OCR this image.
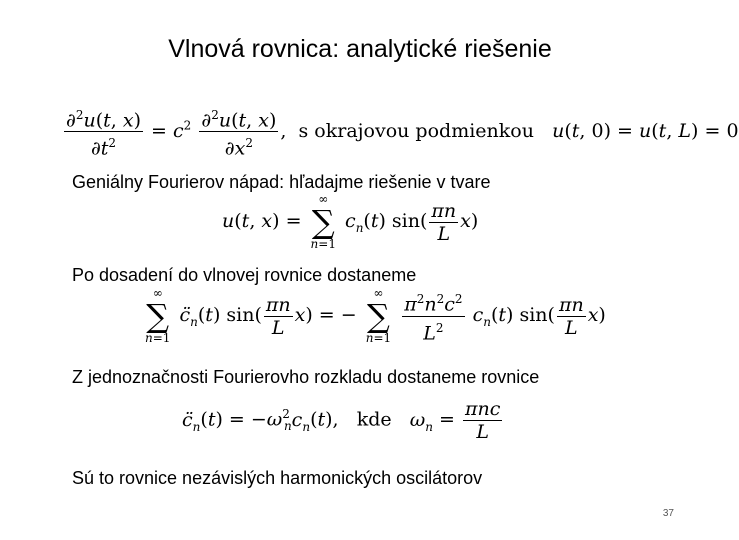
Vlnová rovnica: analytické riešenie
$\frac{\partial^2u(t, x)}{\partial t^2} = c^2 \frac{\partial^2u(t, x)}{\partial x^2}$ ,  s okrajovou podmienkou u(t, 0) = u(t, L) = 0
Geniálny Fourierov nápad: hľadajme riešenie v tvare
u(t, x) =
∞
∑
n=1
$c_n(t)$ $\sin( \frac{\pi n}{L} x)$
Po dosadení do vlnovej rovnice dostaneme
∞
∑
n=1
$c̈_n(t)$ $\sin( \frac{\pi n}{L} x)$ = −
∞
∑
n=1
$\frac{\pi^2n^2c^2}{L^2} c_n(t)$ $\sin( \frac{\pi n}{L} x)$
Z jednoznačnosti Fourierovho rozkladu dostaneme rovnice
$c̈_n(t) = -\omega^2_nc_n(t)$,   kde $\omega_n = \frac{\text{πnc}}{L}$
Sú to rovnice nezávislých harmonických oscilátorov
37
